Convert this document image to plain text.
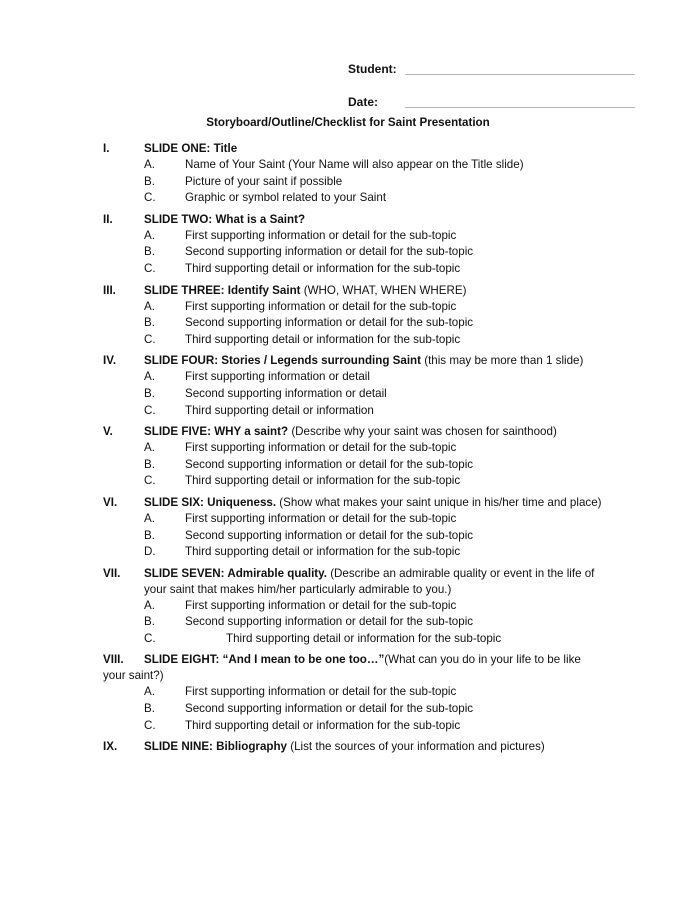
Student:
Date:
Storyboard/Outline/Checklist for Saint Presentation
I.	SLIDE ONE: Title
A.	Name of Your Saint (Your Name will also appear on the Title slide)
B.	Picture of your saint if possible
C.	Graphic or symbol related to your Saint
II.	SLIDE TWO: What is a Saint?
A.	First supporting information or detail for the sub-topic
B.	Second supporting information or detail for the sub-topic
C.	Third supporting detail or information for the sub-topic
III. SLIDE THREE: Identify Saint (WHO, WHAT, WHEN WHERE)
A.	First supporting information or detail for the sub-topic
B.	Second supporting information or detail for the sub-topic
C.	Third supporting detail or information for the sub-topic
IV. SLIDE FOUR: Stories / Legends surrounding Saint (this may be more than 1 slide)
A.	First supporting information or detail
B.	Second supporting information or detail
C.	Third supporting detail or information
V.	SLIDE FIVE: WHY a saint? (Describe why your saint was chosen for sainthood)
A.	First supporting information or detail for the sub-topic
B.	Second supporting information or detail for the sub-topic
C.	Third supporting detail or information for the sub-topic
VI. SLIDE SIX: Uniqueness. (Show what makes your saint unique in his/her time and place)
A.	First supporting information or detail for the sub-topic
B.	Second supporting information or detail for the sub-topic
D.	Third supporting detail or information for the sub-topic
VII. SLIDE SEVEN: Admirable quality. (Describe an admirable quality or event in the life of your saint that makes him/her particularly admirable to you.)
A.	First supporting information or detail for the sub-topic
B.	Second supporting information or detail for the sub-topic
C.	Third supporting detail or information for the sub-topic
VIII. SLIDE EIGHT: “And I mean to be one too…”(What can you do in your life to be like your saint?)
A.	First supporting information or detail for the sub-topic
B.	Second supporting information or detail for the sub-topic
C.	Third supporting detail or information for the sub-topic
IX. SLIDE NINE: Bibliography (List the sources of your information and pictures)
